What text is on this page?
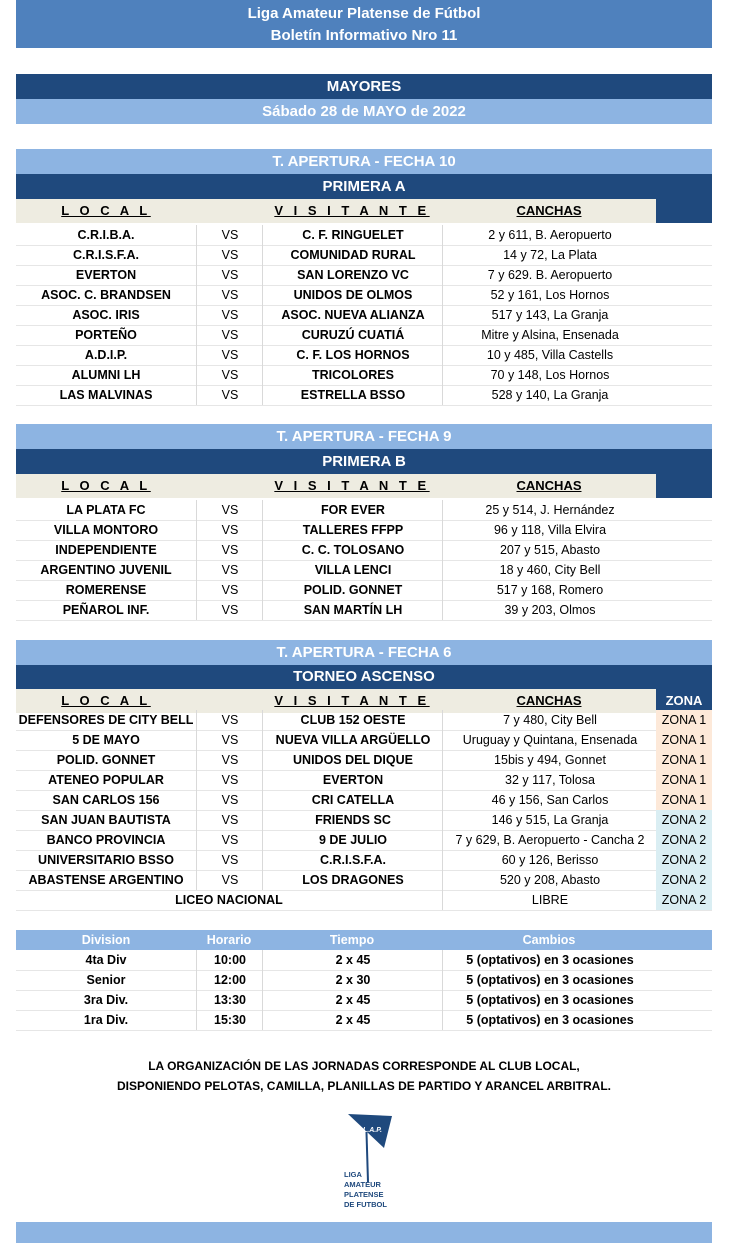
Liga Amateur Platense de Fútbol
Boletín Informativo Nro 11
MAYORES
Sábado 28 de MAYO de 2022
T. APERTURA - FECHA 10
PRIMERA A
L O C A L	V I S I T A N T E	CANCHAS
C.R.I.B.A.	VS	C. F. RINGUELET	2 y 611, B. Aeropuerto
C.R.I.S.F.A.	VS	COMUNIDAD RURAL	14 y 72, La Plata
EVERTON	VS	SAN LORENZO VC	7 y 629. B. Aeropuerto
ASOC. C. BRANDSEN	VS	UNIDOS DE OLMOS	52 y 161, Los Hornos
ASOC. IRIS	VS	ASOC. NUEVA ALIANZA	517 y 143, La Granja
PORTEÑO	VS	CURUZÚ CUATIÁ	Mitre y Alsina, Ensenada
A.D.I.P.	VS	C. F. LOS HORNOS	10 y 485, Villa Castells
ALUMNI LH	VS	TRICOLORES	70 y 148, Los Hornos
LAS MALVINAS	VS	ESTRELLA BSSO	528 y 140, La Granja
T. APERTURA - FECHA 9
PRIMERA B
L O C A L	V I S I T A N T E	CANCHAS
LA PLATA FC	VS	FOR EVER	25 y 514, J. Hernández
VILLA MONTORO	VS	TALLERES FFPP	96 y 118, Villa Elvira
INDEPENDIENTE	VS	C. C. TOLOSANO	207 y 515, Abasto
ARGENTINO JUVENIL	VS	VILLA LENCI	18 y 460, City Bell
ROMERENSE	VS	POLID. GONNET	517 y 168, Romero
PEÑAROL INF.	VS	SAN MARTÍN LH	39 y 203, Olmos
T. APERTURA - FECHA 6
TORNEO ASCENSO
L O C A L	V I S I T A N T E	CANCHAS	ZONA
DEFENSORES DE CITY BELL	VS	CLUB 152 OESTE	7 y 480, City Bell	ZONA 1
5 DE MAYO	VS	NUEVA VILLA ARGÜELLO	Uruguay y Quintana, Ensenada	ZONA 1
POLID. GONNET	VS	UNIDOS DEL DIQUE	15bis y 494, Gonnet	ZONA 1
ATENEO POPULAR	VS	EVERTON	32 y 117, Tolosa	ZONA 1
SAN CARLOS 156	VS	CRI CATELLA	46 y 156, San Carlos	ZONA 1
SAN JUAN BAUTISTA	VS	FRIENDS SC	146 y 515, La Granja	ZONA 2
BANCO PROVINCIA	VS	9 DE JULIO	7 y 629, B. Aeropuerto - Cancha 2	ZONA 2
UNIVERSITARIO BSSO	VS	C.R.I.S.F.A.	60 y 126, Berisso	ZONA 2
ABASTENSE ARGENTINO	VS	LOS DRAGONES	520 y 208, Abasto	ZONA 2
LICEO NACIONAL	LIBRE	ZONA 2
Division	Horario	Tiempo	Cambios
4ta Div	10:00	2 x 45	5 (optativos) en 3 ocasiones
Senior	12:00	2 x 30	5 (optativos) en 3 ocasiones
3ra Div.	13:30	2 x 45	5 (optativos) en 3 ocasiones
1ra Div.	15:30	2 x 45	5 (optativos) en 3 ocasiones
LA ORGANIZACIÓN DE LAS JORNADAS CORRESPONDE AL CLUB LOCAL,
DISPONIENDO PELOTAS, CAMILLA, PLANILLAS DE PARTIDO Y ARANCEL ARBITRAL.
L.A.P.
LIGA
AMATEUR
PLATENSE
DE FUTBOL
